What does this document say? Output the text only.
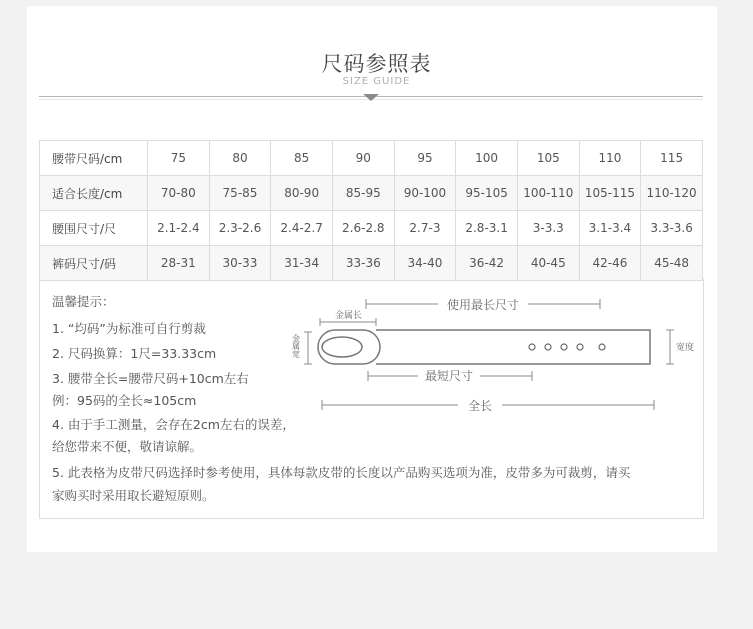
尺码参照表
SIZE GUIDE
腰带尺码/cm	75	80	85	90	95	100	105	110	115
适合长度/cm	70-80	75-85	80-90	85-95	90-100	95-105	100-110	105-115	110-120
腰围尺寸/尺	2.1-2.4	2.3-2.6	2.4-2.7	2.6-2.8	2.7-3	2.8-3.1	3-3.3	3.1-3.4	3.3-3.6
裤码尺寸/码	28-31	30-33	31-34	33-36	34-40	36-42	40-45	42-46	45-48
温馨提示：
1. “均码”为标准可自行剪裁
2. 尺码换算：1尺=33.33cm
3. 腰带全长=腰带尺码+10cm左右
例：95码的全长≈105cm
4. 由于手工测量，会存在2cm左右的误差，
给您带来不便，敬请谅解。
5. 此表格为皮带尺码选择时参考使用，具体每款皮带的长度以产品购买选项为准，皮带多为可裁剪，请买
家购买时采用取长避短原则。
使用最长尺寸
金属长
金属宽	宽度
最短尺寸
全长
